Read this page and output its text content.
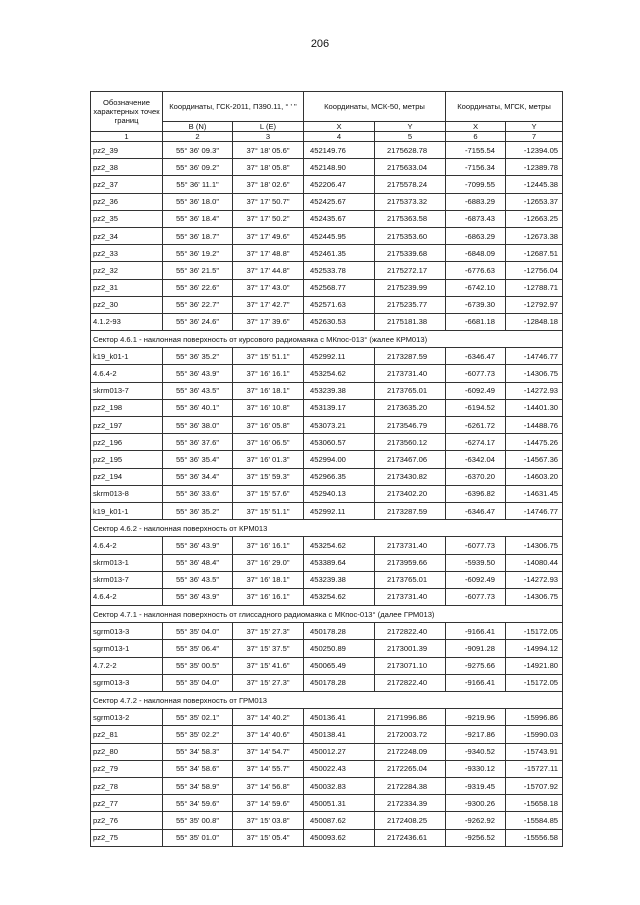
206
Обозначение характерных точек границ	Координаты, ГСК-2011, П390.11, ° ' "		Координаты, МСК-50, метры		Координаты, МГСК, метры	
	B (N)	L (E)	X	Y	X	Y
1	2	3	4	5	6	7
pz2_39	55° 36' 09.3"	37° 18' 05.6"	452149.76	2175628.78	-7155.54	-12394.05
pz2_38	55° 36' 09.2"	37° 18' 05.8"	452148.90	2175633.04	-7156.34	-12389.78
pz2_37	55° 36' 11.1"	37° 18' 02.6"	452206.47	2175578.24	-7099.55	-12445.38
pz2_36	55° 36' 18.0"	37° 17' 50.7"	452425.67	2175373.32	-6883.29	-12653.37
pz2_35	55° 36' 18.4"	37° 17' 50.2"	452435.67	2175363.58	-6873.43	-12663.25
pz2_34	55° 36' 18.7"	37° 17' 49.6"	452445.95	2175353.60	-6863.29	-12673.38
pz2_33	55° 36' 19.2"	37° 17' 48.8"	452461.35	2175339.68	-6848.09	-12687.51
pz2_32	55° 36' 21.5"	37° 17' 44.8"	452533.78	2175272.17	-6776.63	-12756.04
pz2_31	55° 36' 22.6"	37° 17' 43.0"	452568.77	2175239.99	-6742.10	-12788.71
pz2_30	55° 36' 22.7"	37° 17' 42.7"	452571.63	2175235.77	-6739.30	-12792.97
4.1.2-93	55° 36' 24.6"	37° 17' 39.6"	452630.53	2175181.38	-6681.18	-12848.18
Сектор 4.6.1 - наклонная поверхность от курсового радиомаяка с МКпос-013° (жалее КРМ013)						
k19_k01-1	55° 36' 35.2"	37° 15' 51.1"	452992.11	2173287.59	-6346.47	-14746.77
4.6.4-2	55° 36' 43.9"	37° 16' 16.1"	453254.62	2173731.40	-6077.73	-14306.75
skrm013-7	55° 36' 43.5"	37° 16' 18.1"	453239.38	2173765.01	-6092.49	-14272.93
pz2_198	55° 36' 40.1"	37° 16' 10.8"	453139.17	2173635.20	-6194.52	-14401.30
pz2_197	55° 36' 38.0"	37° 16' 05.8"	453073.21	2173546.79	-6261.72	-14488.76
pz2_196	55° 36' 37.6"	37° 16' 06.5"	453060.57	2173560.12	-6274.17	-14475.26
pz2_195	55° 36' 35.4"	37° 16' 01.3"	452994.00	2173467.06	-6342.04	-14567.36
pz2_194	55° 36' 34.4"	37° 15' 59.3"	452966.35	2173430.82	-6370.20	-14603.20
skrm013-8	55° 36' 33.6"	37° 15' 57.6"	452940.13	2173402.20	-6396.82	-14631.45
k19_k01-1	55° 36' 35.2"	37° 15' 51.1"	452992.11	2173287.59	-6346.47	-14746.77
Сектор 4.6.2 - наклонная поверхность от КРМ013						
4.6.4-2	55° 36' 43.9"	37° 16' 16.1"	453254.62	2173731.40	-6077.73	-14306.75
skrm013-1	55° 36' 48.4"	37° 16' 29.0"	453389.64	2173959.66	-5939.50	-14080.44
skrm013-7	55° 36' 43.5"	37° 16' 18.1"	453239.38	2173765.01	-6092.49	-14272.93
4.6.4-2	55° 36' 43.9"	37° 16' 16.1"	453254.62	2173731.40	-6077.73	-14306.75
Сектор 4.7.1 - наклонная поверхность от глиссадного радиомаяка с МКпос-013° (далее ГРМ013)						
sgrm013-3	55° 35' 04.0"	37° 15' 27.3"	450178.28	2172822.40	-9166.41	-15172.05
sgrm013-1	55° 35' 06.4"	37° 15' 37.5"	450250.89	2173001.39	-9091.28	-14994.12
4.7.2-2	55° 35' 00.5"	37° 15' 41.6"	450065.49	2173071.10	-9275.66	-14921.80
sgrm013-3	55° 35' 04.0"	37° 15' 27.3"	450178.28	2172822.40	-9166.41	-15172.05
Сектор 4.7.2 - наклонная поверхность от ГРМ013						
sgrm013-2	55° 35' 02.1"	37° 14' 40.2"	450136.41	2171996.86	-9219.96	-15996.86
pz2_81	55° 35' 02.2"	37° 14' 40.6"	450138.41	2172003.72	-9217.86	-15990.03
pz2_80	55° 34' 58.3"	37° 14' 54.7"	450012.27	2172248.09	-9340.52	-15743.91
pz2_79	55° 34' 58.6"	37° 14' 55.7"	450022.43	2172265.04	-9330.12	-15727.11
pz2_78	55° 34' 58.9"	37° 14' 56.8"	450032.83	2172284.38	-9319.45	-15707.92
pz2_77	55° 34' 59.6"	37° 14' 59.6"	450051.31	2172334.39	-9300.26	-15658.18
pz2_76	55° 35' 00.8"	37° 15' 03.8"	450087.62	2172408.25	-9262.92	-15584.85
pz2_75	55° 35' 01.0"	37° 15' 05.4"	450093.62	2172436.61	-9256.52	-15556.58
